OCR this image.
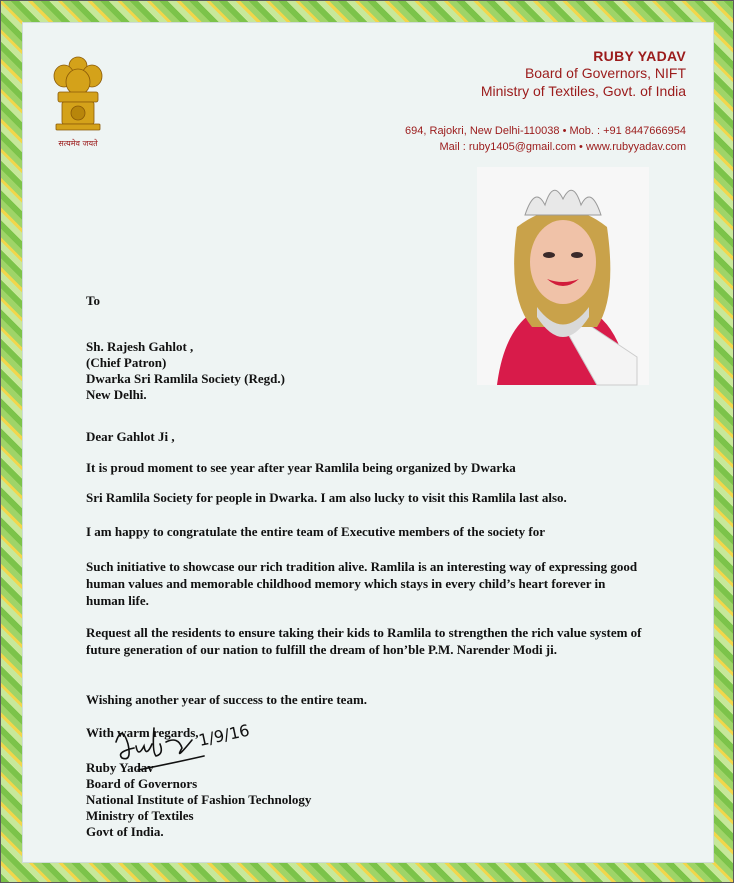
सत्यमेव जयते
RUBY YADAV
Board of Governors, NIFT
Ministry of Textiles, Govt. of India
694, Rajokri, New Delhi-110038 • Mob. : +91 8447666954
Mail : ruby1405@gmail.com • www.rubyyadav.com
To
Sh. Rajesh Gahlot ,
(Chief Patron)
Dwarka Sri Ramlila Society (Regd.)
New Delhi.
Dear Gahlot Ji ,
It is proud moment to see year after year Ramlila being organized by Dwarka
Sri Ramlila Society for people in Dwarka. I am also lucky to visit this Ramlila last also.
I am happy to congratulate the entire team of Executive members of the society for
Such initiative to showcase our rich tradition alive. Ramlila is an interesting way of expressing good human values and memorable childhood memory which stays in every child’s heart forever in human life.
Request all the residents to ensure taking their kids to Ramlila to strengthen the rich value system of future generation of our nation to fulfill the dream of hon’ble P.M. Narender Modi ji.
Wishing another year of success to the entire team.
With warm regards,
1/9/16
Ruby Yadav
Board of Governors
National Institute of Fashion Technology
Ministry of Textiles
Govt of India.
